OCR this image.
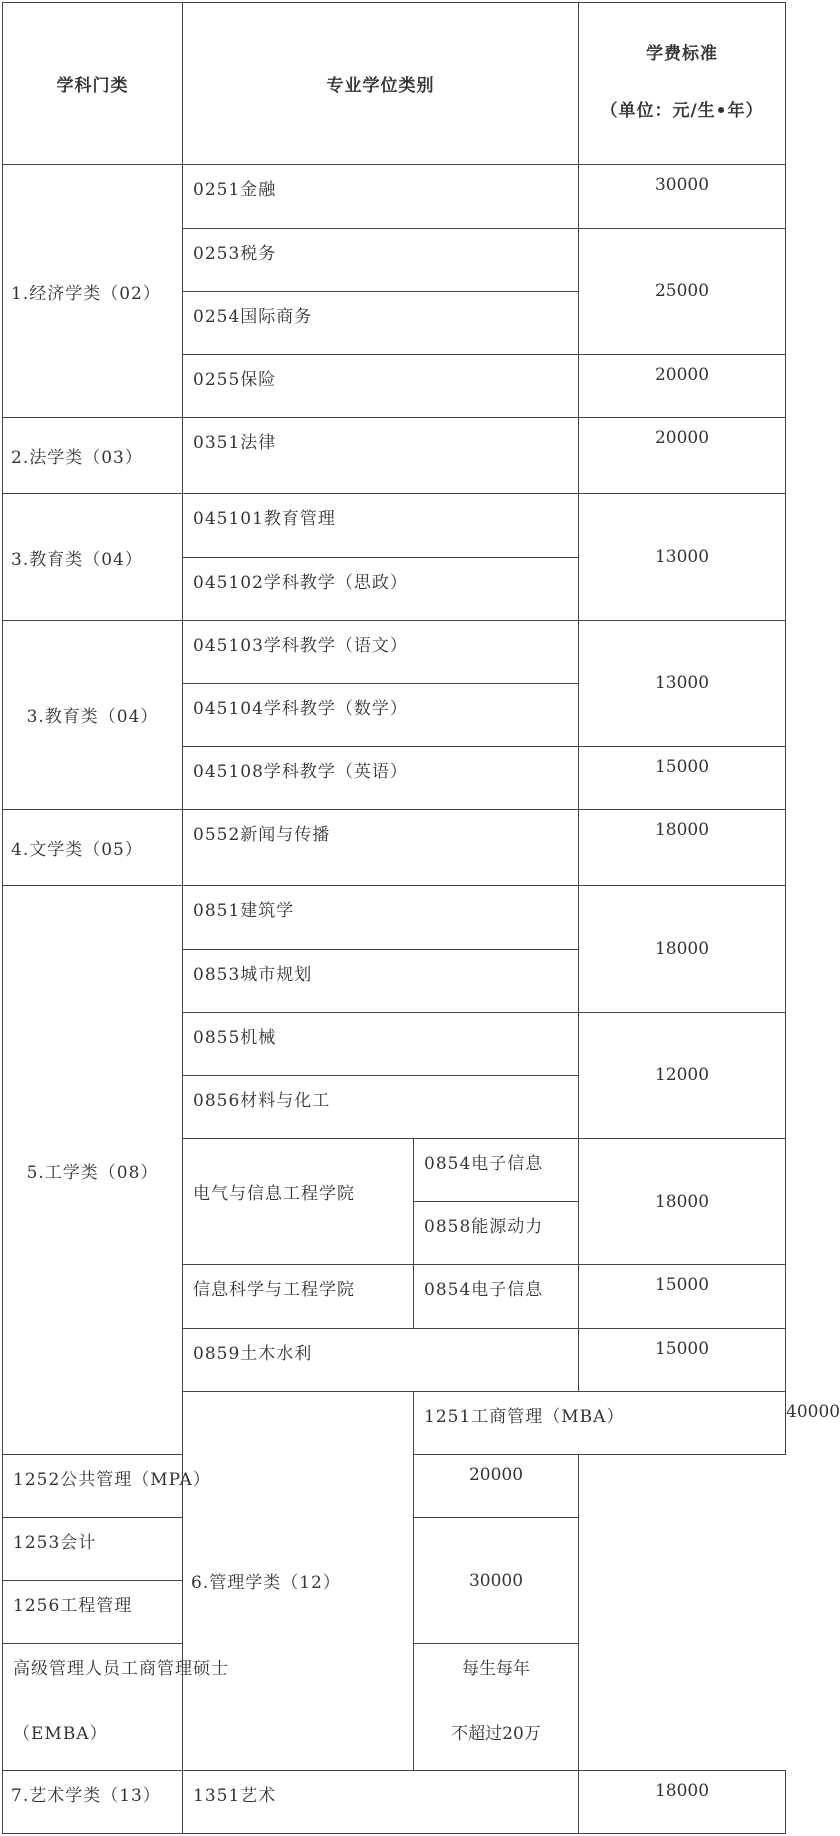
学科门类	专业学位类别		学费标准
（单位：元/生•年）	

1.经济学类（02）	0251金融		30000	
	0253税务		25000	
	0254国际商务			
	0255保险		20000	
2.法学类（03）	0351法律		20000	
3.教育类（04）	045101教育管理		13000	
	045102学科教学（思政）			
3.教育类（04）	045103学科教学（语文）		13000	
	045104学科教学（数学）			
	045108学科教学（英语）		15000	
4.文学类（05）	0552新闻与传播		18000	
5.工学类（08）	0851建筑学		18000	
	0853城市规划			
	0855机械		12000	
	0856材料与化工			
	电气与信息工程学院	0854电子信息	18000	
		0858能源动力		
	信息科学与工程学院	0854电子信息	15000	
	0859土木水利		15000	
	6.管理学类（12）	1251工商管理（MBA）		40000
1252公共管理（MPA）		20000		
1253会计		30000		
1256工程管理				

高级管理人员工商管理硕士
（EMBA）		每生每年
不超过20万		

7.艺术学类（13）	1351艺术		18000	
